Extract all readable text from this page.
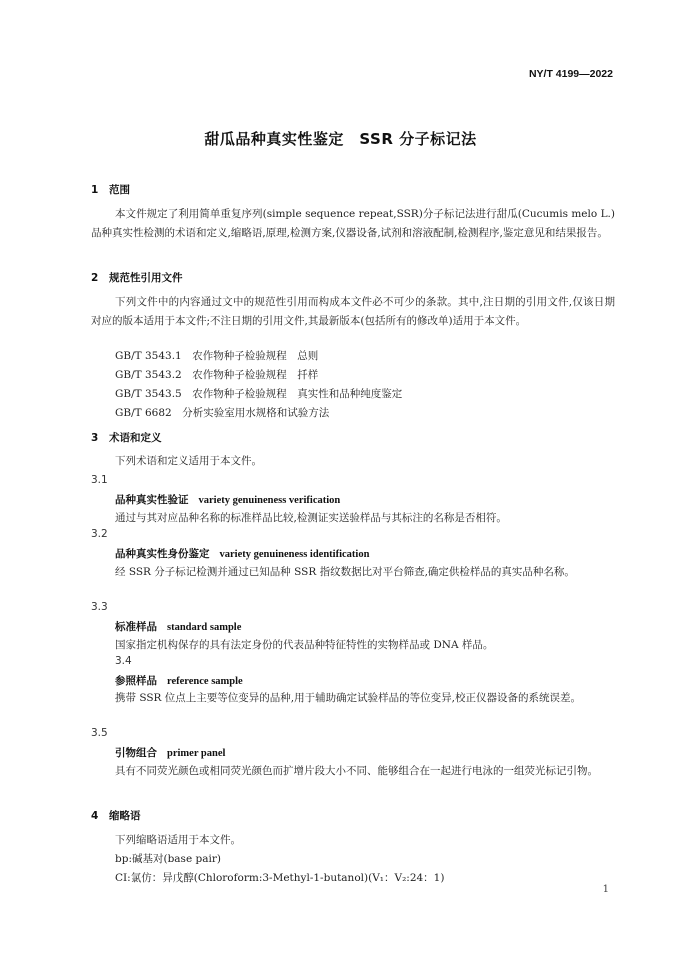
NY/T 4199—2022
甜瓜品种真实性鉴定　SSR 分子标记法
1 范围
本文件规定了利用简单重复序列(simple sequence repeat,SSR)分子标记法进行甜瓜(Cucumis melo L.)品种真实性检测的术语和定义,缩略语,原理,检测方案,仪器设备,试剂和溶液配制,检测程序,鉴定意见和结果报告。
2 规范性引用文件
下列文件中的内容通过文中的规范性引用而构成本文件必不可少的条款。其中,注日期的引用文件,仅该日期对应的版本适用于本文件;不注日期的引用文件,其最新版本(包括所有的修改单)适用于本文件。
GB/T 3543.1　农作物种子检验规程　总则
GB/T 3543.2　农作物种子检验规程　扦样
GB/T 3543.5　农作物种子检验规程　真实性和品种纯度鉴定
GB/T 6682　分析实验室用水规格和试验方法
3 术语和定义
下列术语和定义适用于本文件。
3.1
品种真实性验证 variety genuineness verification
通过与其对应品种名称的标准样品比较,检测证实送验样品与其标注的名称是否相符。
3.2
品种真实性身份鉴定 variety genuineness identification
经 SSR 分子标记检测并通过已知品种 SSR 指纹数据比对平台筛查,确定供检样品的真实品种名称。
3.3
标准样品 standard sample
国家指定机构保存的具有法定身份的代表品种特征特性的实物样品或 DNA 样品。
3.4
参照样品 reference sample
携带 SSR 位点上主要等位变异的品种,用于辅助确定试验样品的等位变异,校正仪器设备的系统误差。
3.5
引物组合 primer panel
具有不同荧光颜色或相同荧光颜色而扩增片段大小不同、能够组合在一起进行电泳的一组荧光标记引物。
4 缩略语
下列缩略语适用于本文件。
bp:碱基对(base pair)
CI:氯仿：异戊醇(Chloroform:3-Methyl-1-butanol)(V₁：V₂:24：1)
1
